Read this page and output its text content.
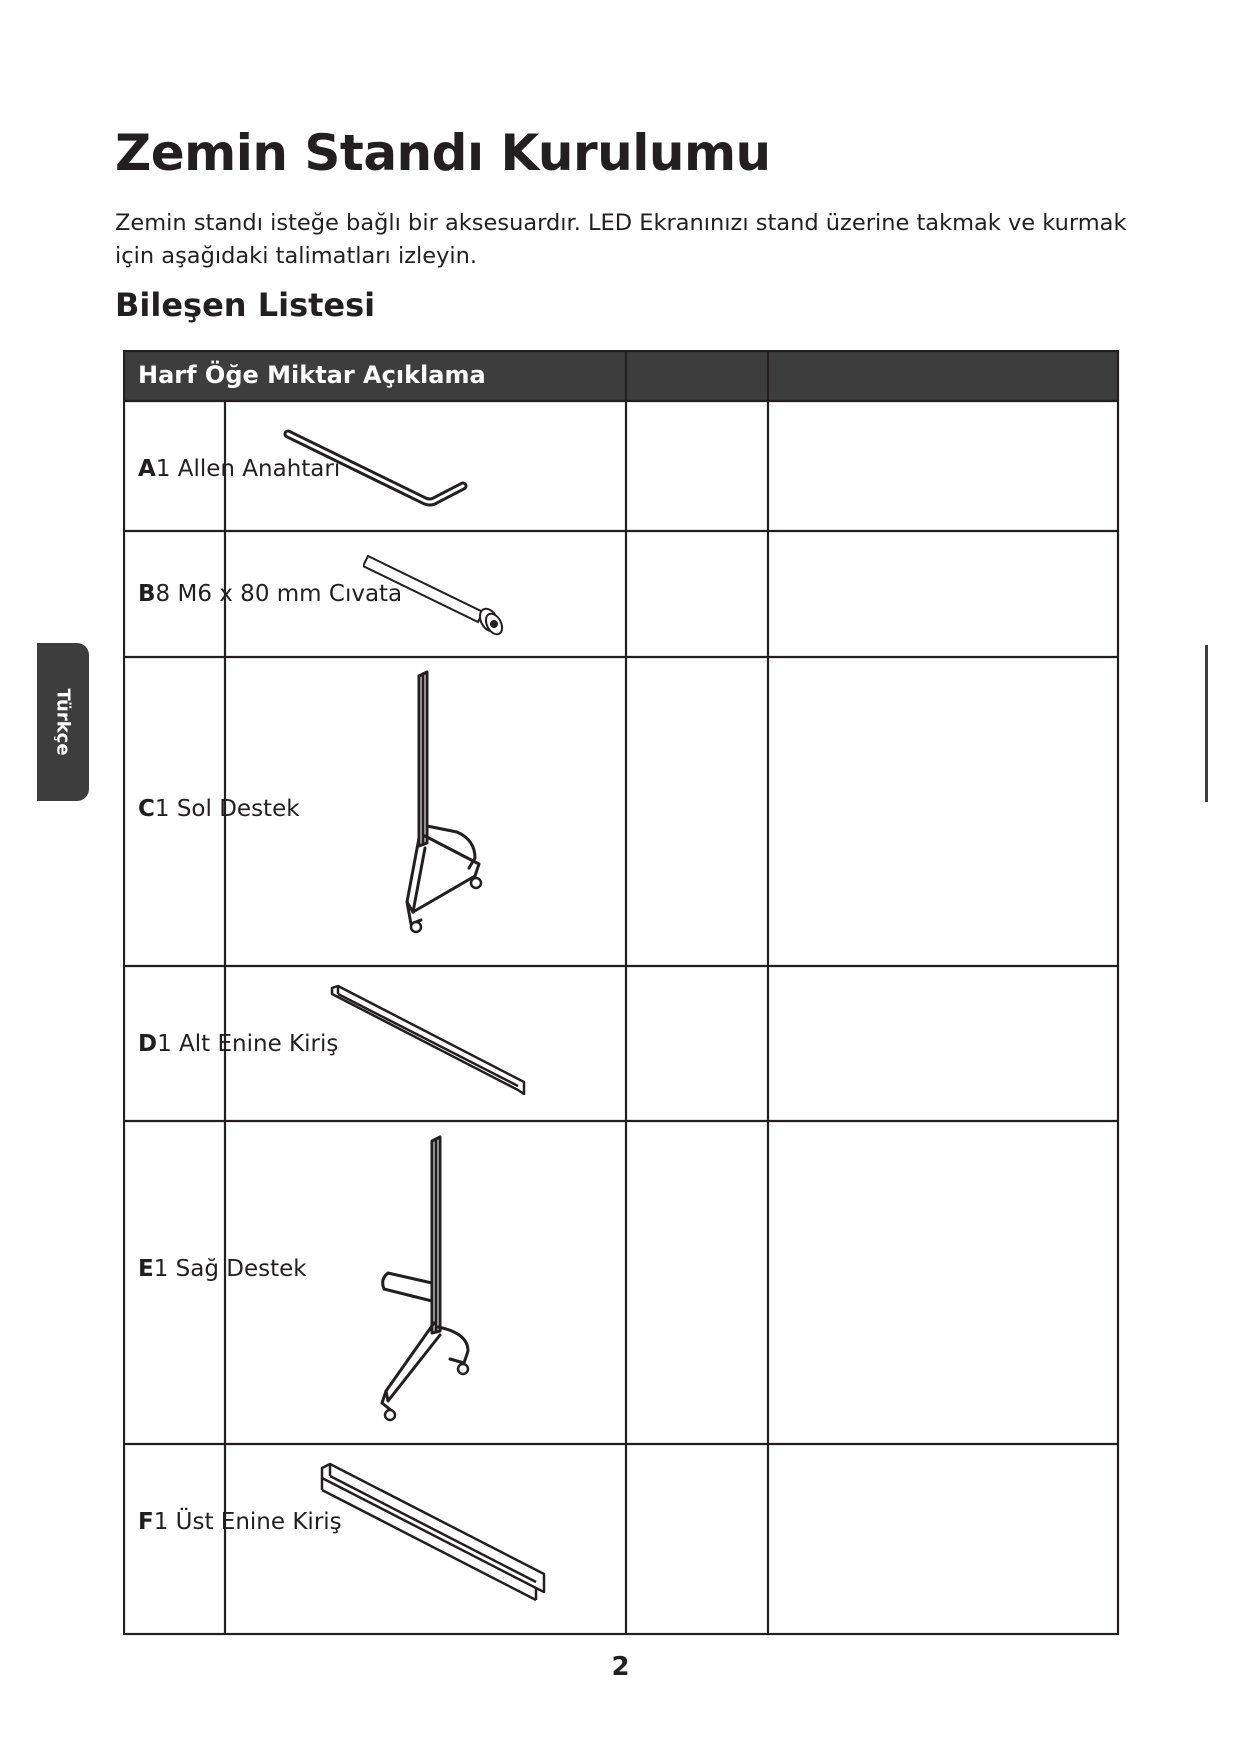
Zemin Standı Kurulumu

Zemin standı isteğe bağlı bir aksesuardır. LED Ekranınızı stand üzerine takmak ve kurmak için aşağıdaki talimatları izleyin.

Bileşen Listesi
Türkçe
Harf Öğe Miktar Açıklama
A1 Allen Anahtarı
B8 M6 x 80 mm Cıvata
C1 Sol Destek
D1 Alt Enine Kiriş
E1 Sağ Destek
F1 Üst Enine Kiriş
2
